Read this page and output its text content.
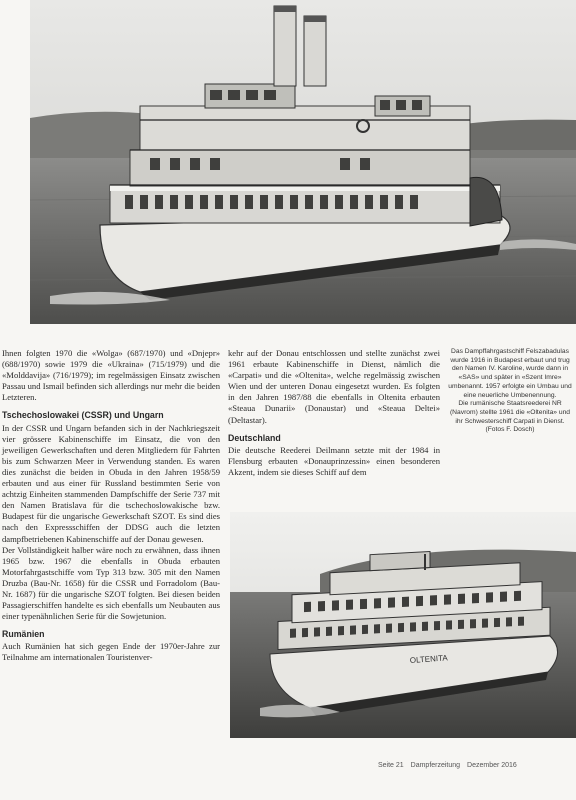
Ihnen folgten 1970 die «Wolga» (687/1970) und «Dnjepr» (688/1970) sowie 1979 die «Ukraina» (715/1979) und die «Molddavija» (716/1979); im regelmässigen Einsatz zwischen Passau und Ismail befinden sich allerdings nur mehr die beiden Letzteren.

Tschechoslowakei (CSSR) und Ungarn

In der CSSR und Ungarn befanden sich in der Nachkriegszeit vier grössere Kabinenschiffe im Einsatz, die von den jeweiligen Gewerkschaften und deren Mitgliedern für Fahrten bis zum Schwarzen Meer in Verwendung standen. Es waren dies zunächst die beiden in Obuda in den Jahren 1958/59 erbauten und aus einer für Russland bestimmten Serie von achtzig Einheiten stammenden Dampfschiffe der Serie 737 mit den Namen Bratislava für die tschechoslowakische bzw. Budapest für die ungarische Gewerkschaft SZOT. Es sind dies nach den Expressschiffen der DDSG auch die letzten dampfbetriebenen Kabinenschiffe auf der Donau gewesen.

Der Vollständigkeit halber wäre noch zu erwähnen, dass ihnen 1965 bzw. 1967 die ebenfalls in Obuda erbauten Motorfahrgastschiffe vom Typ 313 bzw. 305 mit den Namen Druzba (Bau-Nr. 1658) für die CSSR und Forradolom (Bau-Nr. 1687) für die ungarische SZOT folgten. Bei diesen beiden Passagierschiffen handelte es sich ebenfalls um Neubauten aus einer typenähnlichen Serie für die Sowjetunion.

Rumänien

Auch Rumänien hat sich gegen Ende der 1970er-Jahre zur Teilnahme am internationalen Touristenver-

kehr auf der Donau entschlossen und stellte zunächst zwei 1961 erbaute Kabinenschiffe in Dienst, nämlich die «Carpati» und die «Oltenita», welche regelmässig zwischen Wien und der unteren Donau eingesetzt wurden. Es folgten in den Jahren 1987/88 die ebenfalls in Oltenita erbauten «Steaua Dunarii» (Donaustar) und «Steaua Deltei» (Deltastar).

Deutschland

Die deutsche Reederei Deilmann setzte mit der 1984 in Flensburg erbauten «Donauprinzessin» einen besonderen Akzent, indem sie dieses Schiff auf dem

Das Dampffahrgastschiff Felszabadulas wurde 1916 in Budapest erbaut und trug den Namen IV. Karoline, wurde dann in «SAS» und später in «Szent Imre» umbenannt. 1957 erfolgte ein Umbau und eine neuerliche Umbenennung.

Die rumänische Staatsreederei NR (Navrom) stellte 1961 die «Oltenita» und ihr Schwesterschiff Carpati in Dienst.

(Fotos F. Dosch)

OLTENITA
Seite 21 Dampferzeitung Dezember 2016
